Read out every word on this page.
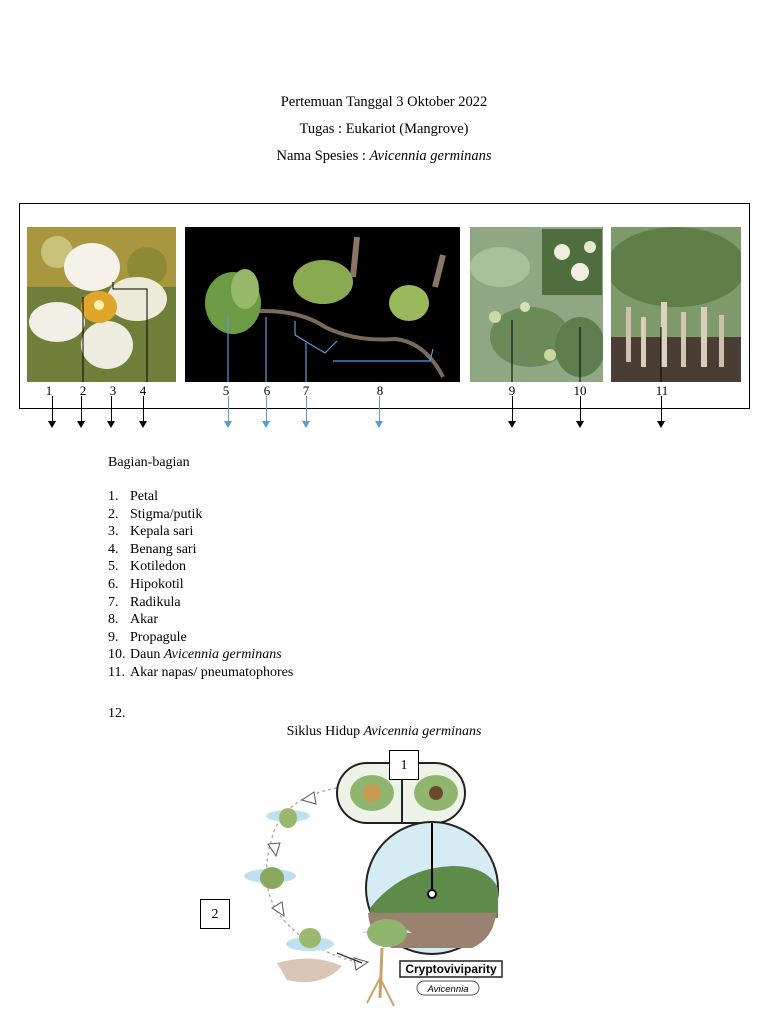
Pertemuan Tanggal 3 Oktober 2022
Tugas : Eukariot (Mangrove)
Nama Spesies : Avicennia germinans
1	2	3	4	5	6	7	8	9	10	11
Bagian-bagian
1. Petal
2. Stigma/putik
3. Kepala sari
4. Benang sari
5. Kotiledon
6. Hipokotil
7. Radikula
8. Akar
9. Propagule
10. Daun Avicennia germinans
11. Akar napas/ pneumatophores
12.
Siklus Hidup Avicennia germinans
Cryptoviviparity
Avicennia
1
2
